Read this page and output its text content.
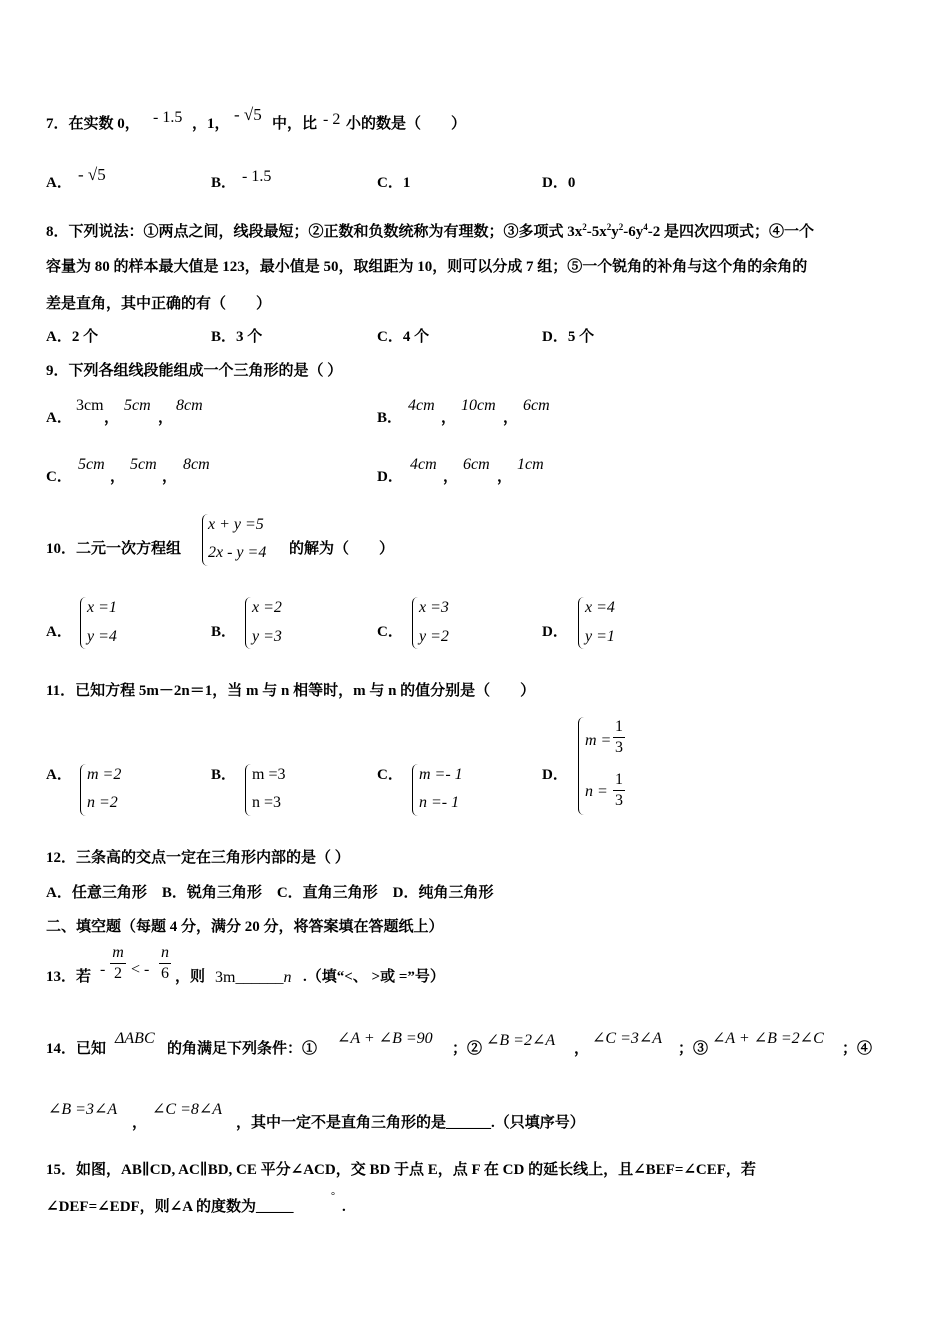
7．在实数 0， - 1.5 ，1， - √5 中，比 - 2 小的数是（　　）
A． - √5	B． - 1.5	C．1	D．0
8．下列说法：①两点之间，线段最短；②正数和负数统称为有理数；③多项式 $3x^2-5x^2y^2-6y^4-2$ 是四次四项式；④一个
容量为 80 的样本最大值是 123，最小值是 50，取组距为 10，则可以分成 7 组；⑤一个锐角的补角与这个角的余角的
差是直角，其中正确的有（　　）
A．2 个	B．3 个	C．4 个	D．5 个
9．下列各组线段能组成一个三角形的是（ ）
A．
3cm
，
5cm
，
8cm
B．
4cm
，
10cm
，
6cm
C．
5cm
，
5cm
，
8cm
D．
4cm
，
6cm
，
1cm
10．二元一次方程组
x + y =5
2x - y =4 的解为（　　）
A．
x =1
y =4	B．
x =2
y =3	C．
x =3
y =2	D．
x =4
y =1
11．已知方程 5m－2n＝1，当 m 与 n 相等时，m 与 n 的值分别是（　　）
A． m =2
n =2
B． m =3
n =3
C． m =- 1
n =- 1
D．
m =
1
3
n =
1
3
12．三条高的交点一定在三角形内部的是（ ）
A．任意三角形　B．锐角三角形　C．直角三角形　D．纯角三角形
二、填空题（每题 4 分，满分 20 分，将答案填在答题纸上）
13．若 -
m
2 < -
n
6 ，则 3m______n .（填“<、 >或 =”号）
14．已知
ΔABC
的角满足下列条件：①
∠A + ∠B =90
；② ∠B =2∠A ，
∠C =3∠A
；③
∠A + ∠B =2∠C
；④
∠B =3∠A
，
∠C =8∠A
，其中一定不是直角三角形的是______.（只填序号）
15．如图，AB∥CD, AC∥BD, CE 平分∠ACD，交 BD 于点 E，点 F 在 CD 的延长线上，且∠BEF=∠CEF，若
∠DEF=∠EDF，则∠A 的度数为_____
°
.
